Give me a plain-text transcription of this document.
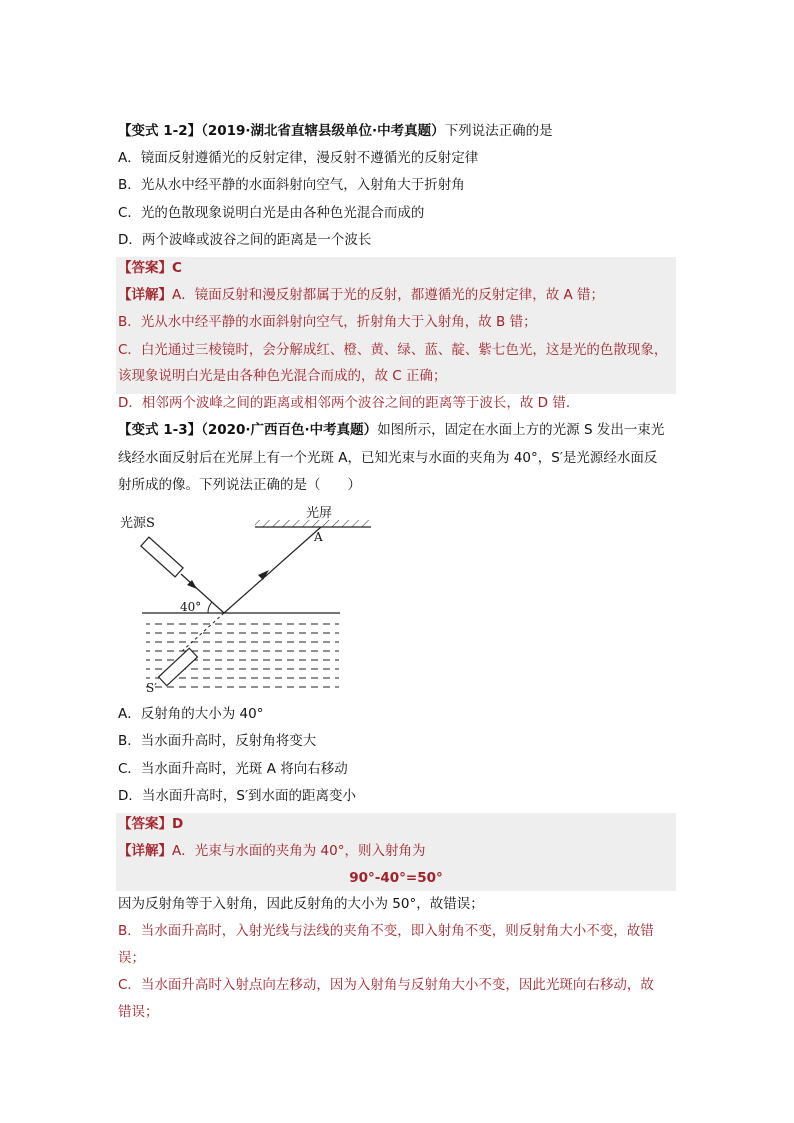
【变式 1-2】（2019·湖北省直辖县级单位·中考真题）下列说法正确的是
A．镜面反射遵循光的反射定律，漫反射不遵循光的反射定律
B．光从水中经平静的水面斜射向空气，入射角大于折射角
C．光的色散现象说明白光是由各种色光混合而成的
D．两个波峰或波谷之间的距离是一个波长
【答案】C
【详解】A．镜面反射和漫反射都属于光的反射，都遵循光的反射定律，故 A 错；
B．光从水中经平静的水面斜射向空气，折射角大于入射角，故 B 错；
C．白光通过三棱镜时，会分解成红、橙、黄、绿、蓝、靛、紫七色光，这是光的色散现象，
该现象说明白光是由各种色光混合而成的，故 C 正确；
D．相邻两个波峰之间的距离或相邻两个波谷之间的距离等于波长，故 D 错．
【变式 1-3】（2020·广西百色·中考真题）如图所示，固定在水面上方的光源 S 发出一束光
线经水面反射后在光屏上有一个光斑 A，已知光束与水面的夹角为 40°，S′是光源经水面反
射所成的像。下列说法正确的是（　　）
光屏
A
光源S
S′
40°
A．反射角的大小为 40°
B．当水面升高时，反射角将变大
C．当水面升高时，光斑 A 将向右移动
D．当水面升高时，S′到水面的距离变小
【答案】D
【详解】A．光束与水面的夹角为 40°，则入射角为
90°-40°=50°
因为反射角等于入射角，因此反射角的大小为 50°，故错误；
B．当水面升高时，入射光线与法线的夹角不变，即入射角不变，则反射角大小不变，故错
误；
C．当水面升高时入射点向左移动，因为入射角与反射角大小不变，因此光斑向右移动，故
错误；
